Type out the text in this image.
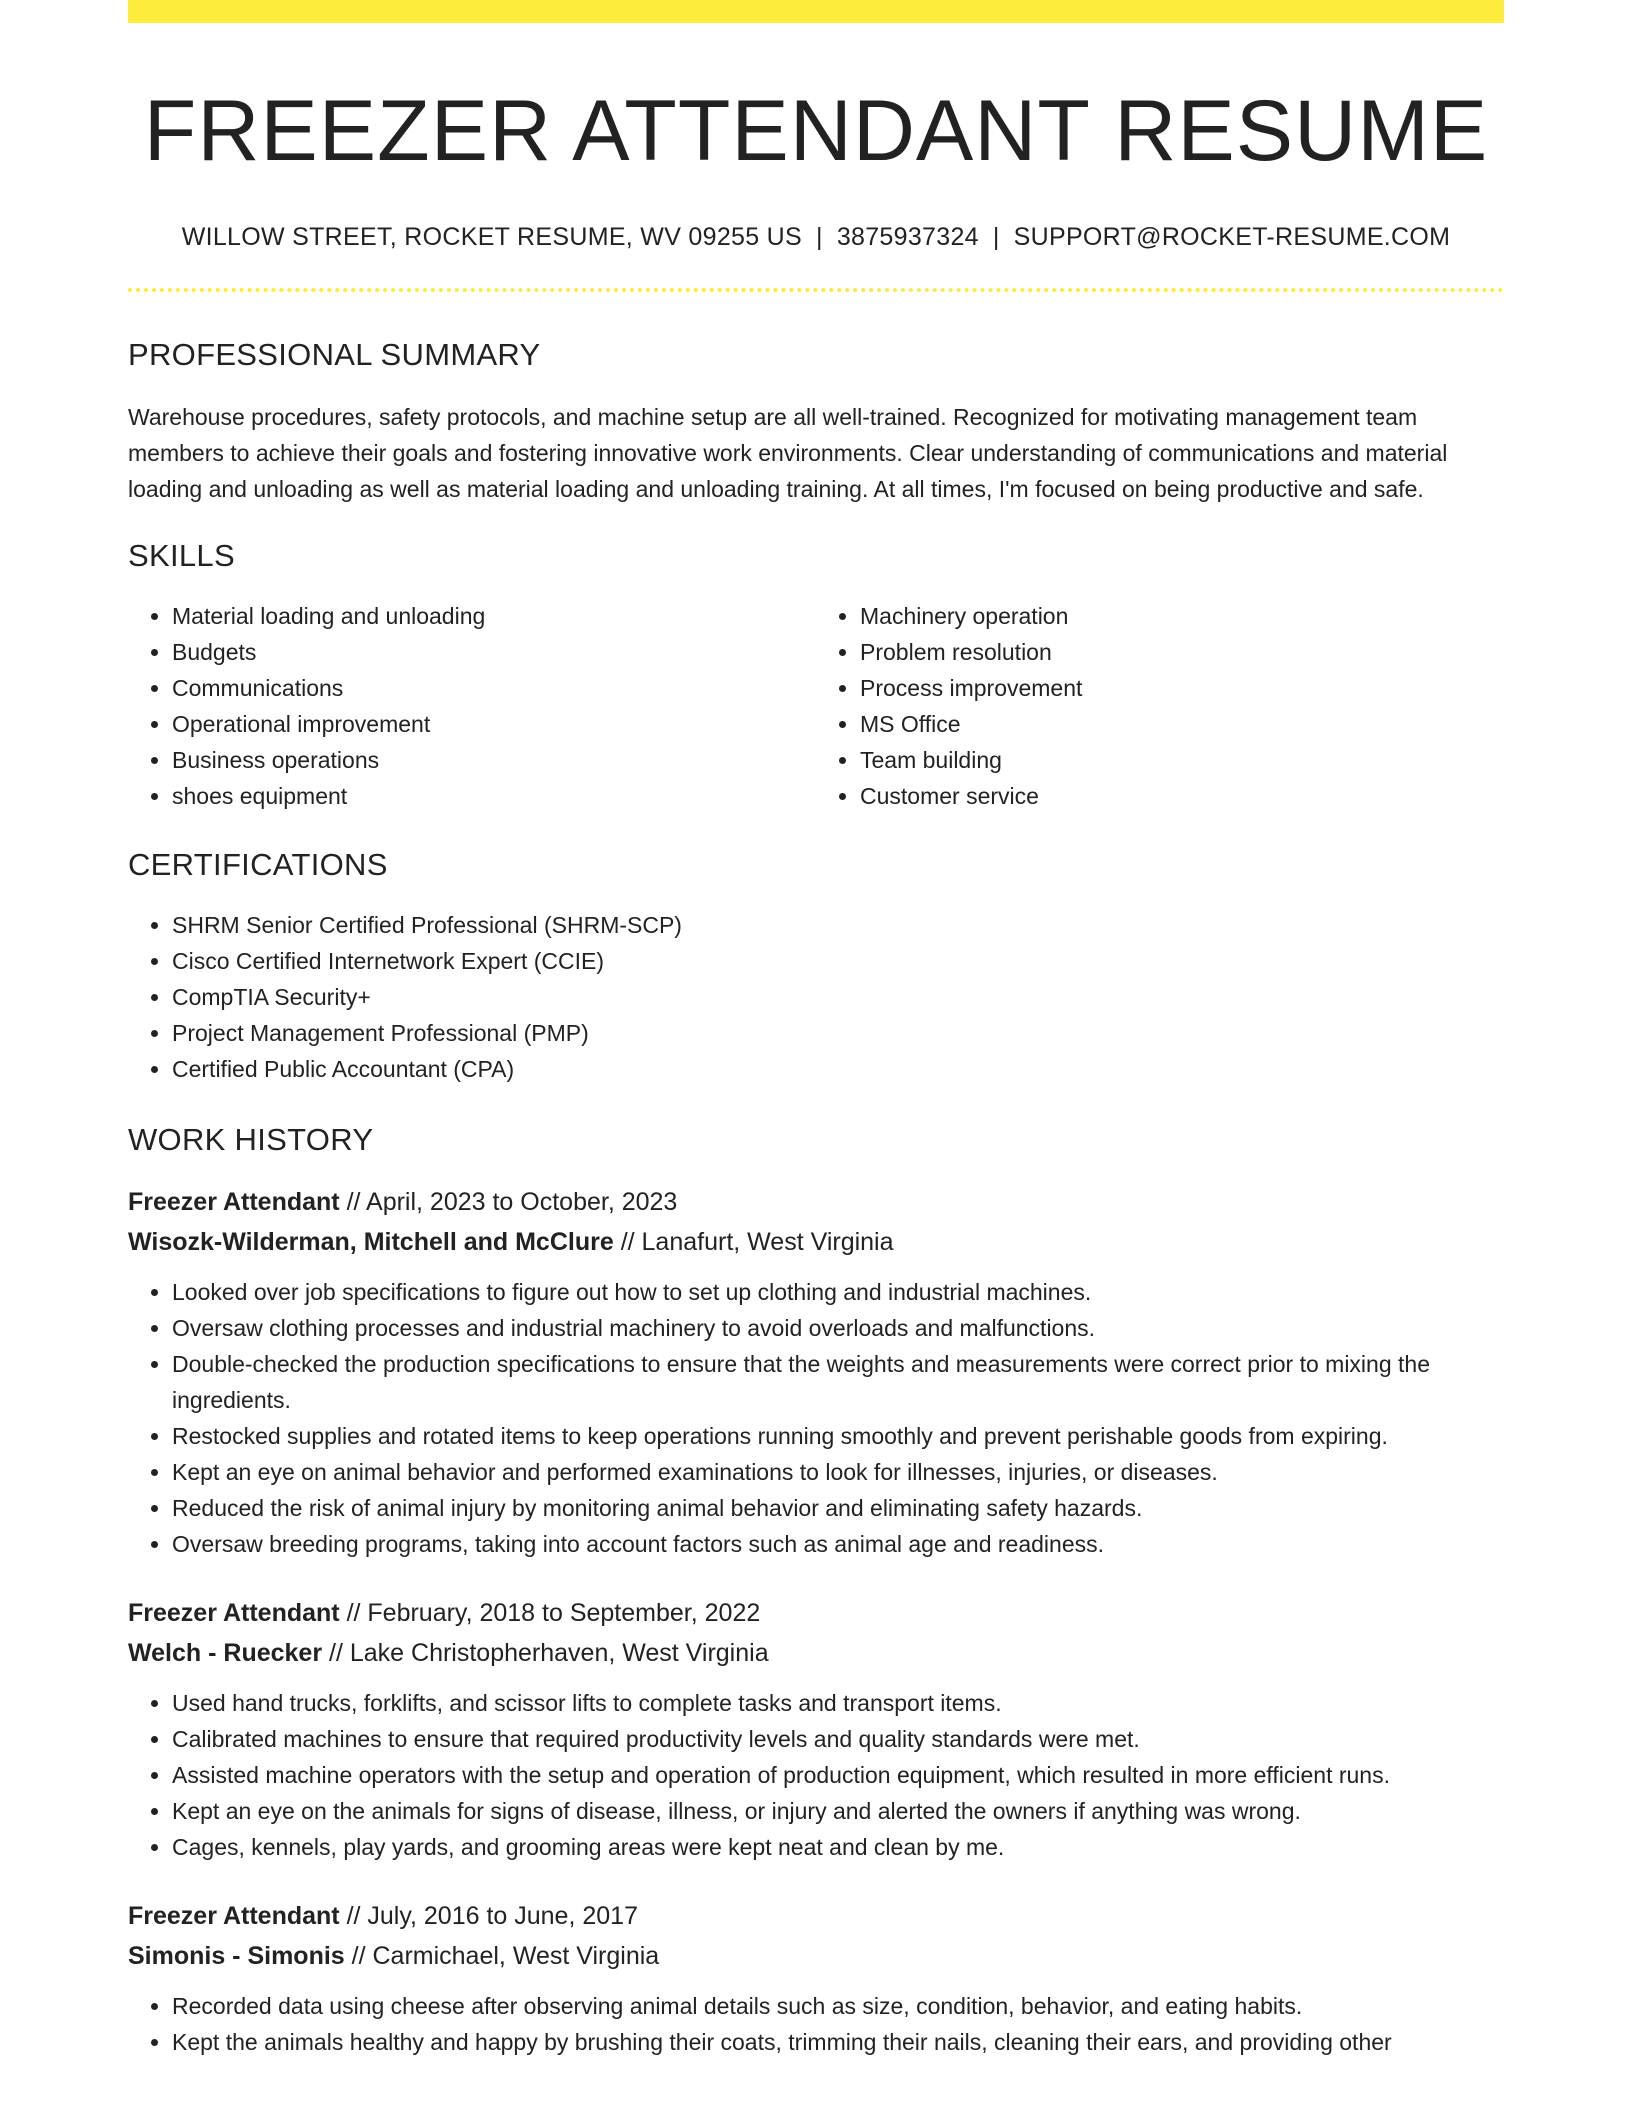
FREEZER ATTENDANT RESUME
WILLOW STREET, ROCKET RESUME, WV 09255 US | 3875937324 | SUPPORT@ROCKET-RESUME.COM
PROFESSIONAL SUMMARY

Warehouse procedures, safety protocols, and machine setup are all well-trained. Recognized for motivating management team members to achieve their goals and fostering innovative work environments. Clear understanding of communications and material loading and unloading as well as material loading and unloading training. At all times, I'm focused on being productive and safe.

SKILLS
• Material loading and unloading
• Budgets
• Communications
• Operational improvement
• Business operations
• shoes equipment
• Machinery operation
• Problem resolution
• Process improvement
• MS Office
• Team building
• Customer service
CERTIFICATIONS
• SHRM Senior Certified Professional (SHRM-SCP)
• Cisco Certified Internetwork Expert (CCIE)
• CompTIA Security+
• Project Management Professional (PMP)
• Certified Public Accountant (CPA)
WORK HISTORY
Freezer Attendant // April, 2023 to October, 2023
Wisozk-Wilderman, Mitchell and McClure // Lanafurt, West Virginia
• Looked over job specifications to figure out how to set up clothing and industrial machines.
• Oversaw clothing processes and industrial machinery to avoid overloads and malfunctions.
• Double-checked the production specifications to ensure that the weights and measurements were correct prior to mixing the ingredients.
• Restocked supplies and rotated items to keep operations running smoothly and prevent perishable goods from expiring.
• Kept an eye on animal behavior and performed examinations to look for illnesses, injuries, or diseases.
• Reduced the risk of animal injury by monitoring animal behavior and eliminating safety hazards.
• Oversaw breeding programs, taking into account factors such as animal age and readiness.
Freezer Attendant // February, 2018 to September, 2022
Welch - Ruecker // Lake Christopherhaven, West Virginia
• Used hand trucks, forklifts, and scissor lifts to complete tasks and transport items.
• Calibrated machines to ensure that required productivity levels and quality standards were met.
• Assisted machine operators with the setup and operation of production equipment, which resulted in more efficient runs.
• Kept an eye on the animals for signs of disease, illness, or injury and alerted the owners if anything was wrong.
• Cages, kennels, play yards, and grooming areas were kept neat and clean by me.
Freezer Attendant // July, 2016 to June, 2017
Simonis - Simonis // Carmichael, West Virginia
• Recorded data using cheese after observing animal details such as size, condition, behavior, and eating habits.
• Kept the animals healthy and happy by brushing their coats, trimming their nails, cleaning their ears, and providing other
